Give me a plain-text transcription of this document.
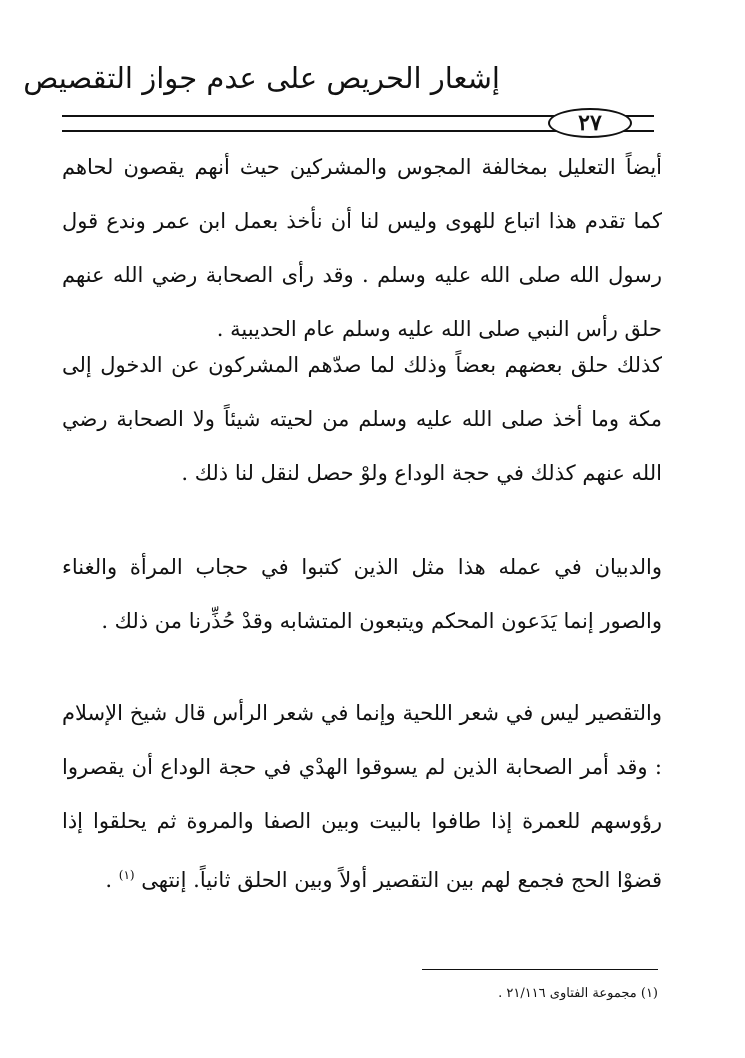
إشعار الحريص على عدم جواز التقصيص
٢٧
أيضاً التعليل بمخالفة المجوس والمشركين حيث أنهم يقصون لحاهم كما تقدم هذا اتباع للهوى وليس لنا أن نأخذ بعمل ابن عمر وندع قول رسول الله صلى الله عليه وسلم . وقد رأى الصحابة رضي الله عنهم حلق رأس النبي صلى الله عليه وسلم عام الحديبية .
كذلك حلق بعضهم بعضاً وذلك لما صدّهم المشركون عن الدخول إلى مكة وما أخذ صلى الله عليه وسلم من لحيته شيئاً ولا الصحابة رضي الله عنهم كذلك في حجة الوداع ولوْ حصل لنقل لنا ذلك .
والدبيان في عمله هذا مثل الذين كتبوا في حجاب المرأة والغناء والصور إنما يَدَعون المحكم ويتبعون المتشابه وقدْ حُذِّرنا من ذلك .
والتقصير ليس في شعر اللحية وإنما في شعر الرأس قال شيخ الإسلام : وقد أمر الصحابة الذين لم يسوقوا الهدْي في حجة الوداع أن يقصروا رؤوسهم للعمرة إذا طافوا بالبيت وبين الصفا والمروة ثم يحلقوا إذا قضوْا الحج فجمع لهم بين التقصير أولاً وبين الحلق ثانياً. إنتهى $^{(١)}$ .
(١) مجموعة الفتاوى ٢١/١١٦ .
